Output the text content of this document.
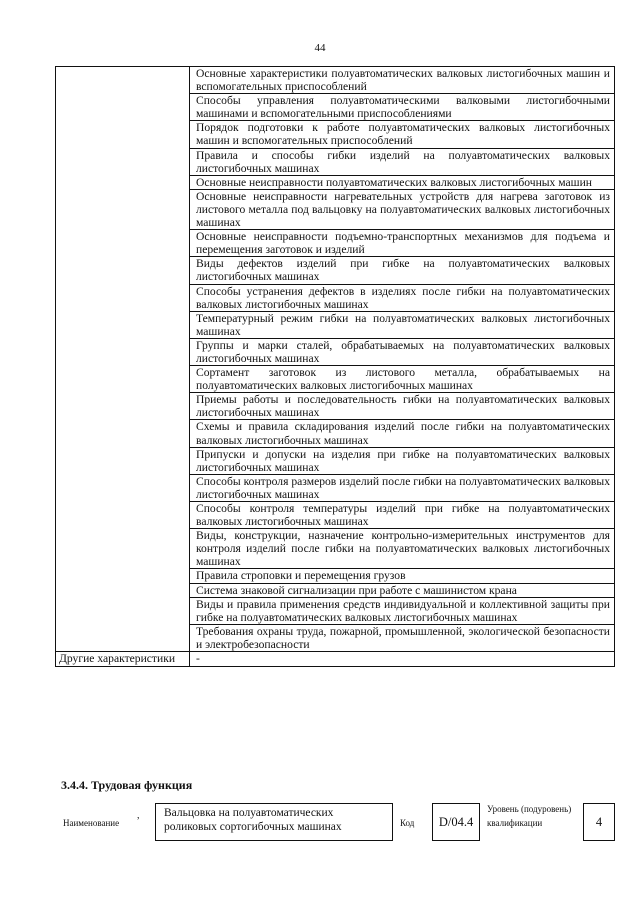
44
	Основные характеристики полуавтоматических валковых листогибочных машин и вспомогательных приспособлений
	Способы управления полуавтоматическими валковыми листогибочными машинами и вспомогательными приспособлениями
	Порядок подготовки к работе полуавтоматических валковых листогибочных машин и вспомогательных приспособлений
	Правила и способы гибки изделий на полуавтоматических валковых листогибочных машинах
	Основные неисправности полуавтоматических валковых листогибочных машин
	Основные неисправности нагревательных устройств для нагрева заготовок из листового металла под вальцовку на полуавтоматических валковых листогибочных машинах
	Основные неисправности подъемно-транспортных механизмов для подъема и перемещения заготовок и изделий
	Виды дефектов изделий при гибке на полуавтоматических валковых листогибочных машинах
	Способы устранения дефектов в изделиях после гибки на полуавтоматических валковых листогибочных машинах
	Температурный режим гибки на полуавтоматических валковых листогибочных машинах
	Группы и марки сталей, обрабатываемых на полуавтоматических валковых листогибочных машинах
	Сортамент заготовок из листового металла, обрабатываемых на полуавтоматических валковых листогибочных машинах
	Приемы работы и последовательность гибки на полуавтоматических валковых листогибочных машинах
	Схемы и правила складирования изделий после гибки на полуавтоматических валковых листогибочных машинах
	Припуски и допуски на изделия при гибке на полуавтоматических валковых листогибочных машинах
	Способы контроля размеров изделий после гибки на полуавтоматических валковых листогибочных машинах
	Способы контроля температуры изделий при гибке на полуавтоматических валковых листогибочных машинах
	Виды, конструкции, назначение контрольно-измерительных инструментов для контроля изделий после гибки на полуавтоматических валковых листогибочных машинах
	Правила строповки и перемещения грузов
	Система знаковой сигнализации при работе с машинистом крана
	Виды и правила применения средств индивидуальной и коллективной защиты при гибке на полуавтоматических валковых листогибочных машинах
	Требования охраны труда, пожарной, промышленной, экологической безопасности и электробезопасности
Другие характеристики	-
3.4.4. Трудовая функция
,
Наименование
Вальцовка на полуавтоматических роликовых сортогибочных машинах	Код	D/04.4
Уровень (подуровень) квалификации	4
